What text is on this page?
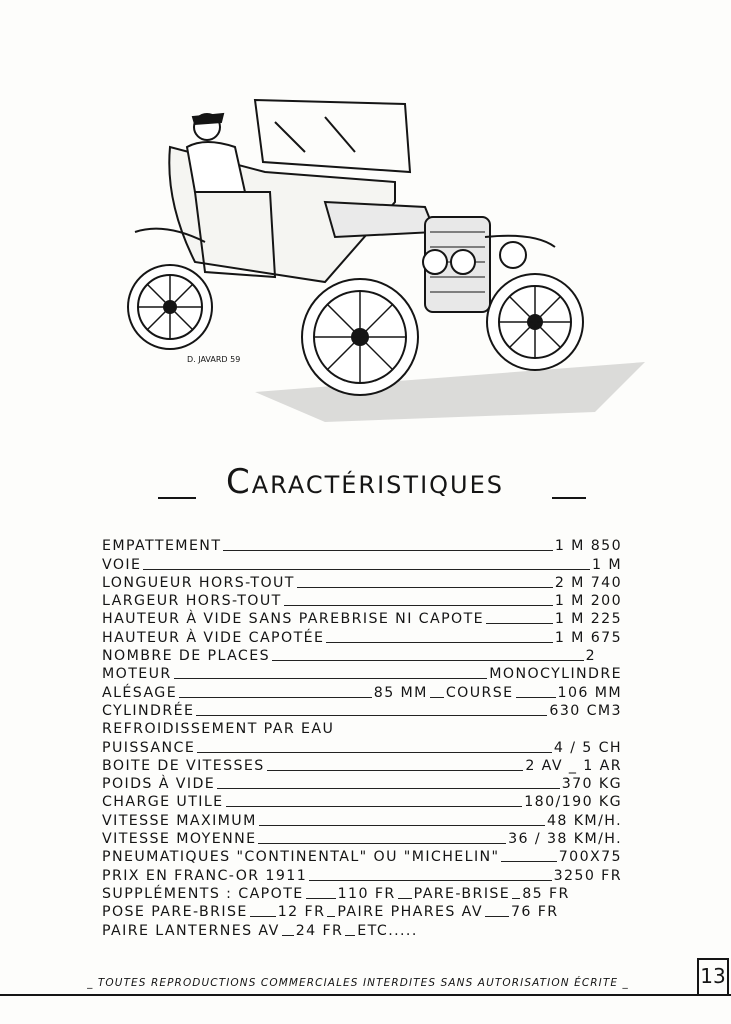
D. JAVARD 59
Caractéristiques
EMPATTEMENT	1 M 850
VOIE	1 M
LONGUEUR HORS-TOUT	2 M 740
LARGEUR HORS-TOUT	1 M 200
HAUTEUR À VIDE SANS PAREBRISE NI CAPOTE	1 M 225
HAUTEUR À VIDE CAPOTÉE	1 M 675
NOMBRE DE PLACES	2
MOTEUR	MONOCYLINDRE
ALÉSAGE	85 MM COURSE	106 MM
CYLINDRÉE	630 CM3
REFROIDISSEMENT PAR EAU
PUISSANCE	4 / 5 CH
BOITE DE VITESSES	2 AV _ 1 AR
POIDS À VIDE	370 KG
CHARGE UTILE	180/190 KG
VITESSE MAXIMUM	48 KM/H.
VITESSE MOYENNE	36 / 38 KM/H.
PNEUMATIQUES "CONTINENTAL" OU "MICHELIN"	700X75
PRIX EN FRANC-OR 1911	3250 FR
SUPPLÉMENTS : CAPOTE 110 FR PARE-BRISE 85 FR
POSE PARE-BRISE 12 FR PAIRE PHARES AV 76 FR
PAIRE LANTERNES AV 24 FR ETC.....
_ TOUTES REPRODUCTIONS COMMERCIALES INTERDITES SANS AUTORISATION ÉCRITE _	13
